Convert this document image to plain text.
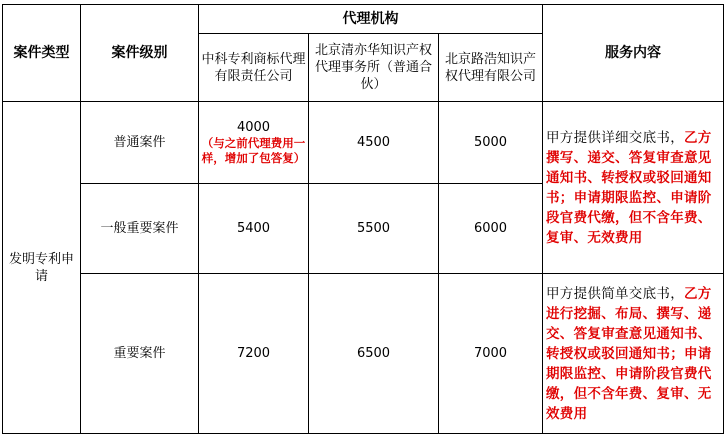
案件类型	案件级别	代理机构			服务内容
		中科专利商标代理有限责任公司	北京清亦华知识产权代理事务所（普通合伙）	北京路浩知识产权代理有限公司	
发明专利申请	普通案件	4000
（与之前代理费用一样，增加了包答复）	4500	5000	甲方提供详细交底书，乙方撰写、递交、答复审查意见通知书、转授权或驳回通知书；申请期限监控、申请阶段官费代缴，但不含年费、复审、无效费用
	一般重要案件	5400	5500	6000	
	重要案件	7200	6500	7000	甲方提供简单交底书，乙方进行挖掘、布局、撰写、递交、答复审查意见通知书、转授权或驳回通知书；申请期限监控、申请阶段官费代缴，但不含年费、复审、无效费用
